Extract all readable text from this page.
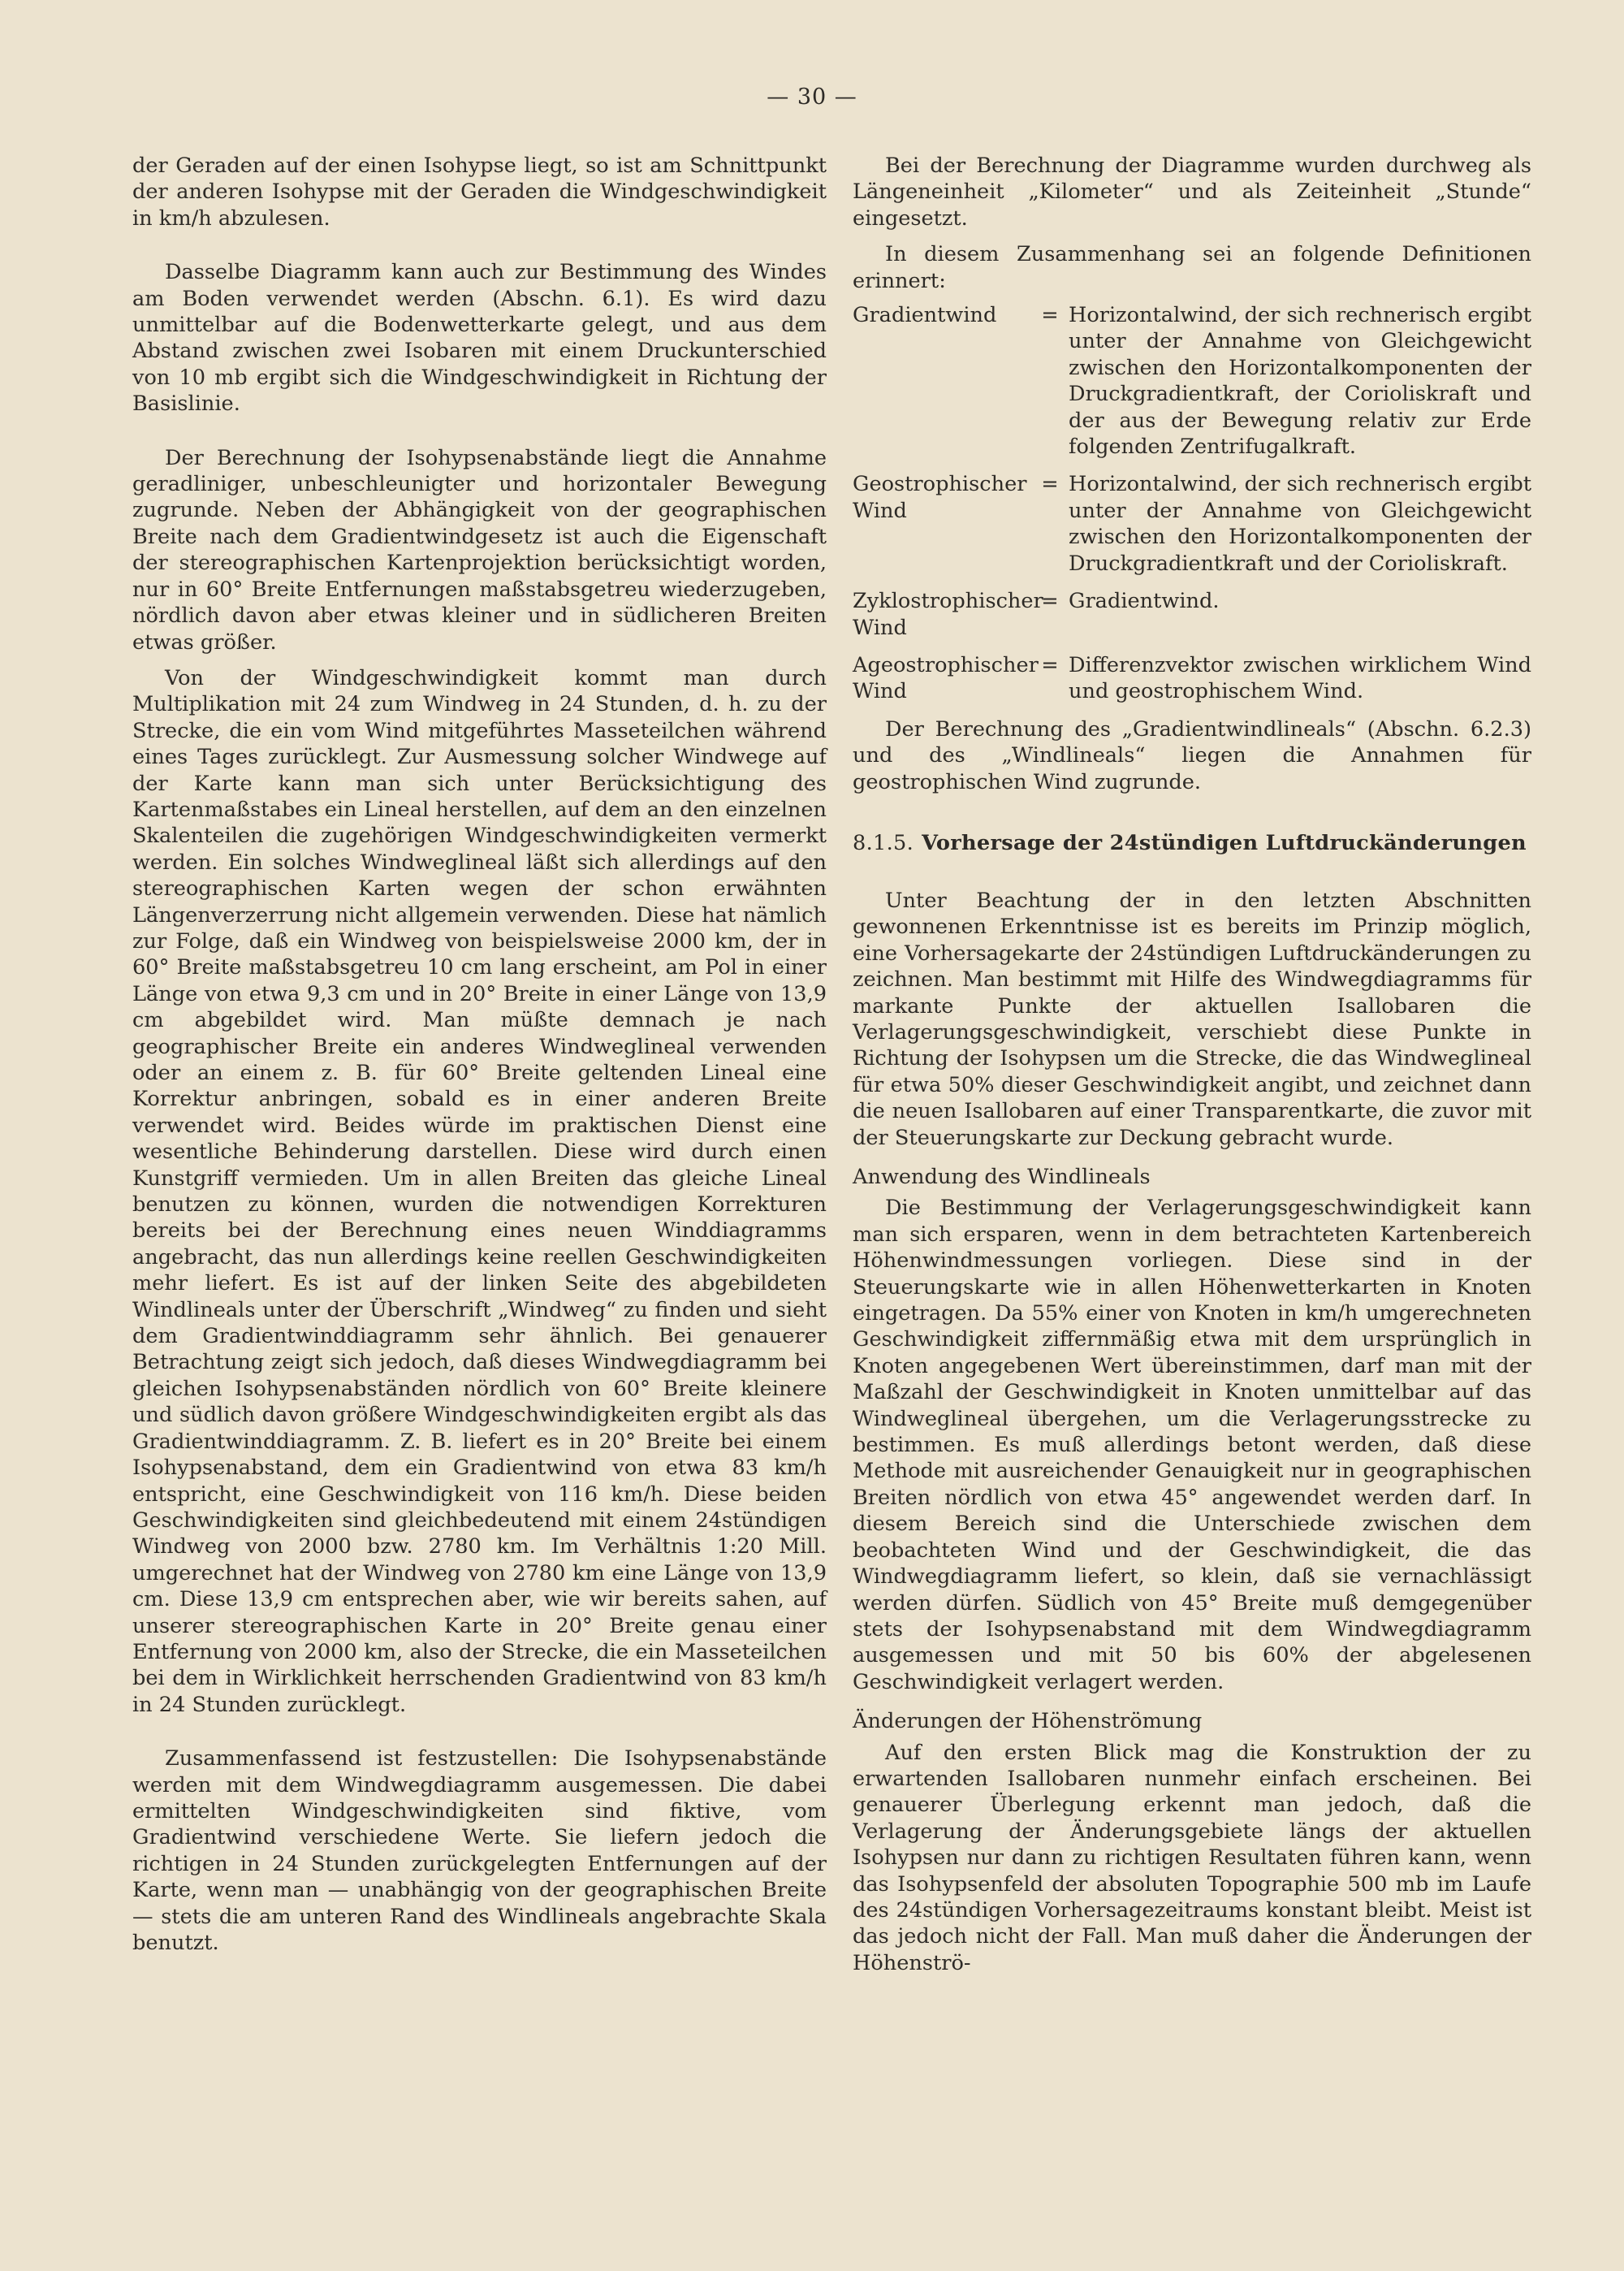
— 30 —

der Geraden auf der einen Isohypse liegt, so ist am Schnittpunkt der anderen Isohypse mit der Geraden die Windgeschwindigkeit in km/h abzulesen.

Dasselbe Diagramm kann auch zur Bestimmung des Windes am Boden verwendet werden (Abschn. 6.1). Es wird dazu unmittelbar auf die Bodenwetterkarte gelegt, und aus dem Abstand zwischen zwei Isobaren mit einem Druckunterschied von 10 mb ergibt sich die Windgeschwindigkeit in Richtung der Basislinie.

Der Berechnung der Isohypsenabstände liegt die Annahme geradliniger, unbeschleunigter und horizontaler Bewegung zugrunde. Neben der Abhängigkeit von der geographischen Breite nach dem Gradientwindgesetz ist auch die Eigenschaft der stereographischen Kartenprojektion berücksichtigt worden, nur in 60° Breite Entfernungen maßstabsgetreu wiederzugeben, nördlich davon aber etwas kleiner und in südlicheren Breiten etwas größer.

Von der Windgeschwindigkeit kommt man durch Multiplikation mit 24 zum Windweg in 24 Stunden, d. h. zu der Strecke, die ein vom Wind mitgeführtes Masseteilchen während eines Tages zurücklegt. Zur Ausmessung solcher Windwege auf der Karte kann man sich unter Berücksichtigung des Kartenmaßstabes ein Lineal herstellen, auf dem an den einzelnen Skalenteilen die zugehörigen Windgeschwindigkeiten vermerkt werden. Ein solches Windweglineal läßt sich allerdings auf den stereographischen Karten wegen der schon erwähnten Längenverzerrung nicht allgemein verwenden. Diese hat nämlich zur Folge, daß ein Windweg von beispielsweise 2000 km, der in 60° Breite maßstabsgetreu 10 cm lang erscheint, am Pol in einer Länge von etwa 9,3 cm und in 20° Breite in einer Länge von 13,9 cm abgebildet wird. Man müßte demnach je nach geographischer Breite ein anderes Windweglineal verwenden oder an einem z. B. für 60° Breite geltenden Lineal eine Korrektur anbringen, sobald es in einer anderen Breite verwendet wird. Beides würde im praktischen Dienst eine wesentliche Behinderung darstellen. Diese wird durch einen Kunstgriff vermieden. Um in allen Breiten das gleiche Lineal benutzen zu können, wurden die notwendigen Korrekturen bereits bei der Berechnung eines neuen Winddiagramms angebracht, das nun allerdings keine reellen Geschwindigkeiten mehr liefert. Es ist auf der linken Seite des abgebildeten Windlineals unter der Überschrift „Windweg“ zu finden und sieht dem Gradientwinddiagramm sehr ähnlich. Bei genauerer Betrachtung zeigt sich jedoch, daß dieses Windwegdiagramm bei gleichen Isohypsenabständen nördlich von 60° Breite kleinere und südlich davon größere Windgeschwindigkeiten ergibt als das Gradientwinddiagramm. Z. B. liefert es in 20° Breite bei einem Isohypsenabstand, dem ein Gradientwind von etwa 83 km/h entspricht, eine Geschwindigkeit von 116 km/h. Diese beiden Geschwindigkeiten sind gleichbedeutend mit einem 24stündigen Windweg von 2000 bzw. 2780 km. Im Verhältnis 1:20 Mill. umgerechnet hat der Windweg von 2780 km eine Länge von 13,9 cm. Diese 13,9 cm entsprechen aber, wie wir bereits sahen, auf unserer stereographischen Karte in 20° Breite genau einer Entfernung von 2000 km, also der Strecke, die ein Masseteilchen bei dem in Wirklichkeit herrschenden Gradientwind von 83 km/h in 24 Stunden zurücklegt.

Zusammenfassend ist festzustellen: Die Isohypsenabstände werden mit dem Windwegdiagramm ausgemessen. Die dabei ermittelten Windgeschwindigkeiten sind fiktive, vom Gradientwind verschiedene Werte. Sie liefern jedoch die richtigen in 24 Stunden zurückgelegten Entfernungen auf der Karte, wenn man — unabhängig von der geographischen Breite — stets die am unteren Rand des Windlineals angebrachte Skala benutzt.

Bei der Berechnung der Diagramme wurden durchweg als Längeneinheit „Kilometer“ und als Zeiteinheit „Stunde“ eingesetzt.

In diesem Zusammenhang sei an folgende Definitionen erinnert:

Gradientwind	= Horizontalwind, der sich rechnerisch ergibt unter der Annahme von Gleichgewicht zwischen den Horizontalkomponenten der Druckgradientkraft, der Corioliskraft und der aus der Bewegung relativ zur Erde folgenden Zentrifugalkraft.
Geostrophischer Wind
= Horizontalwind, der sich rechnerisch ergibt unter der Annahme von Gleichgewicht zwischen den Horizontalkomponenten der Druckgradientkraft und der Corioliskraft.
Zyklostrophischer Wind
= Gradientwind.
Ageostrophischer Wind
= Differenzvektor zwischen wirklichem Wind und geostrophischem Wind.

Der Berechnung des „Gradientwindlineals“ (Abschn. 6.2.3) und des „Windlineals“ liegen die Annahmen für geostrophischen Wind zugrunde.

8.1.5. Vorhersage der 24stündigen Luftdruckänderungen

Unter Beachtung der in den letzten Abschnitten gewonnenen Erkenntnisse ist es bereits im Prinzip möglich, eine Vorhersagekarte der 24stündigen Luftdruckänderungen zu zeichnen. Man bestimmt mit Hilfe des Windwegdiagramms für markante Punkte der aktuellen Isallobaren die Verlagerungsgeschwindigkeit, verschiebt diese Punkte in Richtung der Isohypsen um die Strecke, die das Windweglineal für etwa 50% dieser Geschwindigkeit angibt, und zeichnet dann die neuen Isallobaren auf einer Transparentkarte, die zuvor mit der Steuerungskarte zur Deckung gebracht wurde.

Anwendung des Windlineals

Die Bestimmung der Verlagerungsgeschwindigkeit kann man sich ersparen, wenn in dem betrachteten Kartenbereich Höhenwindmessungen vorliegen. Diese sind in der Steuerungskarte wie in allen Höhenwetterkarten in Knoten eingetragen. Da 55% einer von Knoten in km/h umgerechneten Geschwindigkeit ziffernmäßig etwa mit dem ursprünglich in Knoten angegebenen Wert übereinstimmen, darf man mit der Maßzahl der Geschwindigkeit in Knoten unmittelbar auf das Windweglineal übergehen, um die Verlagerungsstrecke zu bestimmen. Es muß allerdings betont werden, daß diese Methode mit ausreichender Genauigkeit nur in geographischen Breiten nördlich von etwa 45° angewendet werden darf. In diesem Bereich sind die Unterschiede zwischen dem beobachteten Wind und der Geschwindigkeit, die das Windwegdiagramm liefert, so klein, daß sie vernachlässigt werden dürfen. Südlich von 45° Breite muß demgegenüber stets der Isohypsenabstand mit dem Windwegdiagramm ausgemessen und mit 50 bis 60% der abgelesenen Geschwindigkeit verlagert werden.

Änderungen der Höhenströmung

Auf den ersten Blick mag die Konstruktion der zu erwartenden Isallobaren nunmehr einfach erscheinen. Bei genauerer Überlegung erkennt man jedoch, daß die Verlagerung der Änderungsgebiete längs der aktuellen Isohypsen nur dann zu richtigen Resultaten führen kann, wenn das Isohypsenfeld der absoluten Topographie 500 mb im Laufe des 24stündigen Vorhersagezeitraums konstant bleibt. Meist ist das jedoch nicht der Fall. Man muß daher die Änderungen der Höhenströ-
